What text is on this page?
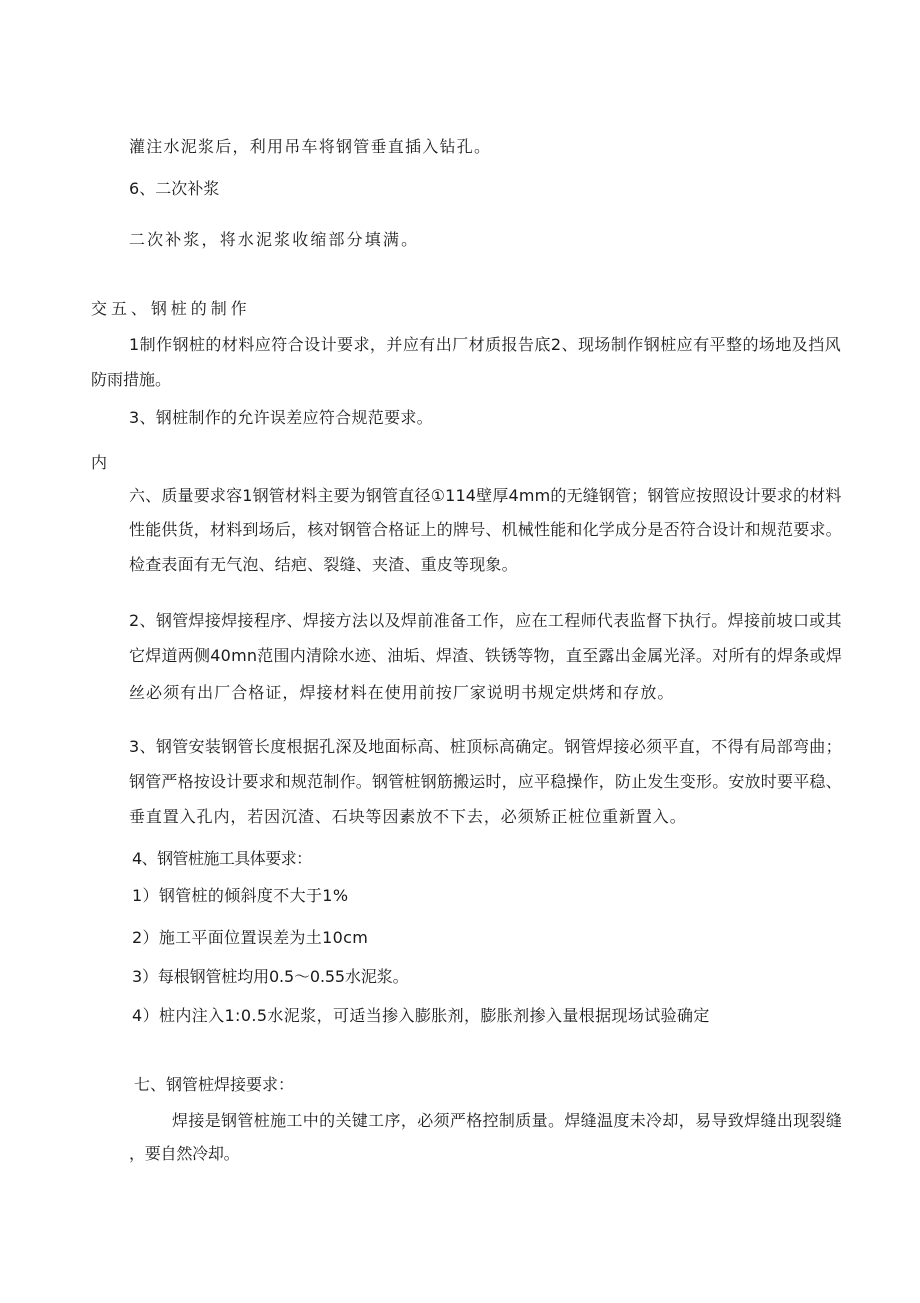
灌注水泥浆后，利用吊车将钢管垂直插入钻孔。
6、二次补浆
二次补浆，将水泥浆收缩部分填满。
交五、钢桩的制作
1制作钢桩的材料应符合设计要求，并应有出厂材质报告底2、现场制作钢桩应有平整的场地及挡风
防雨措施。
3、钢桩制作的允许误差应符合规范要求。
内
六、质量要求容1钢管材料主要为钢管直径①114壁厚4mm的无缝钢管；钢管应按照设计要求的材料
性能供货，材料到场后，核对钢管合格证上的牌号、机械性能和化学成分是否符合设计和规范要求。
检查表面有无气泡、结疤、裂缝、夹渣、重皮等现象。
2、钢管焊接焊接程序、焊接方法以及焊前准备工作，应在工程师代表监督下执行。焊接前坡口或其
它焊道两侧40mn范围内清除水迹、油垢、焊渣、铁锈等物，直至露出金属光泽。对所有的焊条或焊
丝必须有出厂合格证，焊接材料在使用前按厂家说明书规定烘烤和存放。
3、钢管安装钢管长度根据孔深及地面标高、桩顶标高确定。钢管焊接必须平直，不得有局部弯曲；
钢管严格按设计要求和规范制作。钢管桩钢筋搬运时，应平稳操作，防止发生变形。安放时要平稳、
垂直置入孔内，若因沉渣、石块等因素放不下去，必须矫正桩位重新置入。
4、钢管桩施工具体要求：
1）钢管桩的倾斜度不大于1%
2）施工平面位置误差为土10cm
3）每根钢管桩均用0.5～0.55水泥浆。
4）桩内注入1:0.5水泥浆，可适当掺入膨胀剂，膨胀剂掺入量根据现场试验确定
七、钢管桩焊接要求：
焊接是钢管桩施工中的关键工序，必须严格控制质量。焊缝温度未冷却，易导致焊缝出现裂缝
，要自然冷却。
